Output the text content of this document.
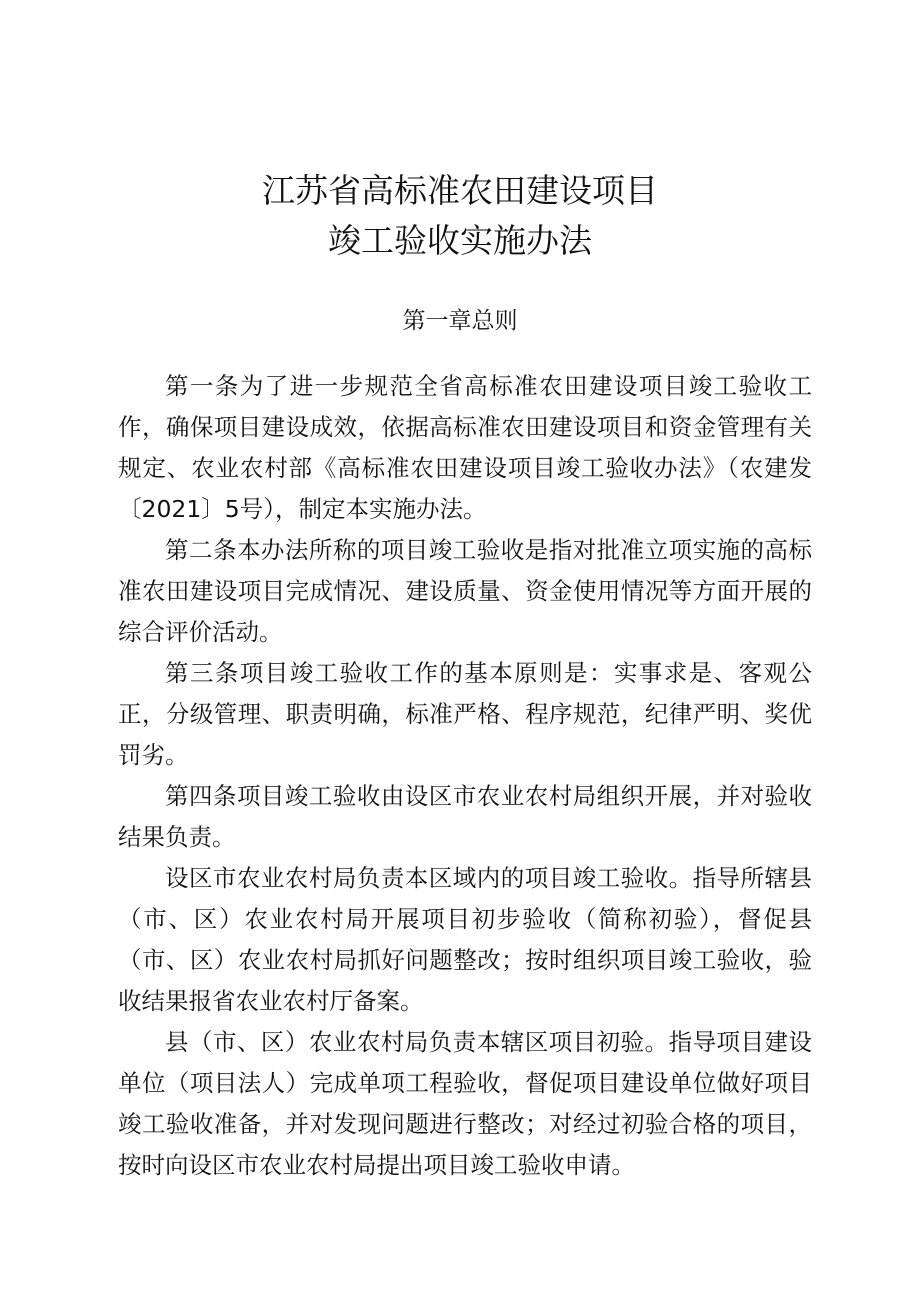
江苏省高标准农田建设项目
竣工验收实施办法
第一章总则

第一条为了进一步规范全省高标准农田建设项目竣工验收工作，确保项目建设成效，依据高标准农田建设项目和资金管理有关规定、农业农村部《高标准农田建设项目竣工验收办法》（农建发〔2021〕5号），制定本实施办法。

第二条本办法所称的项目竣工验收是指对批准立项实施的高标准农田建设项目完成情况、建设质量、资金使用情况等方面开展的综合评价活动。

第三条项目竣工验收工作的基本原则是：实事求是、客观公正，分级管理、职责明确，标准严格、程序规范，纪律严明、奖优罚劣。

第四条项目竣工验收由设区市农业农村局组织开展，并对验收结果负责。

设区市农业农村局负责本区域内的项目竣工验收。指导所辖县（市、区）农业农村局开展项目初步验收（简称初验），督促县（市、区）农业农村局抓好问题整改；按时组织项目竣工验收，验收结果报省农业农村厅备案。

县（市、区）农业农村局负责本辖区项目初验。指导项目建设单位（项目法人）完成单项工程验收，督促项目建设单位做好项目竣工验收准备，并对发现问题进行整改；对经过初验合格的项目，按时向设区市农业农村局提出项目竣工验收申请。
